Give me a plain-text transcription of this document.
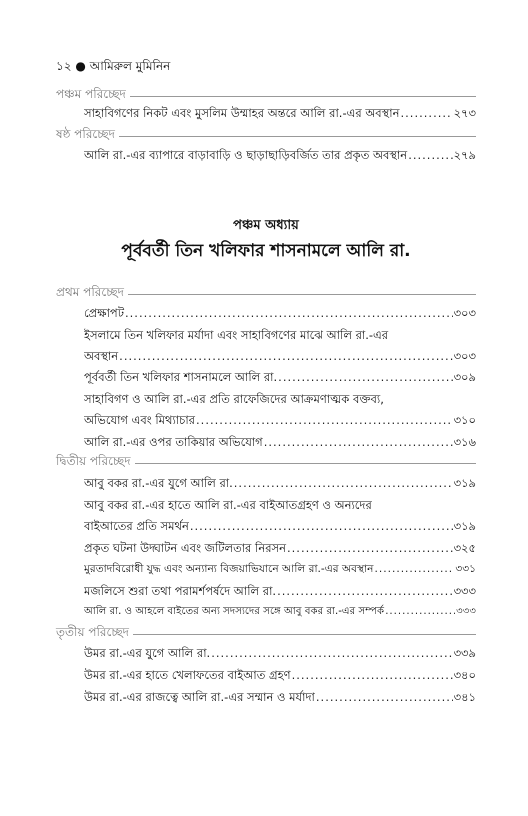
১২ ● আমিরুল মুমিনিন
পঞ্চম পরিচ্ছেদ
সাহাবিগণের নিকট এবং মুসলিম উম্মাহর অন্তরে আলি রা.-এর অবস্থান .....	২৭৩
ষষ্ঠ পরিচ্ছেদ
আলি রা.-এর ব্যাপারে বাড়াবাড়ি ও ছাড়াছাড়িবর্জিত তার প্রকৃত অবস্থান .....	২৭৯
পঞ্চম অধ্যায়
পূর্ববর্তী তিন খলিফার শাসনামলে আলি রা.
প্রথম পরিচ্ছেদ
প্রেক্ষাপট .....	৩০৩
ইসলামে তিন খলিফার মর্যাদা এবং সাহাবিগণের মাঝে আলি রা.-এর
অবস্থান .....	৩০৩
পূর্ববর্তী তিন খলিফার শাসনামলে আলি রা. .....	৩০৯
সাহাবিগণ ও আলি রা.-এর প্রতি রাফেজিদের আক্রমণাত্মক বক্তব্য,
অভিযোগ এবং মিথ্যাচার .....	৩১০
আলি রা.-এর ওপর তাকিয়ার অভিযোগ .....	৩১৬
দ্বিতীয় পরিচ্ছেদ
আবু বকর রা.-এর যুগে আলি রা. .....	৩১৯
আবু বকর রা.-এর হাতে আলি রা.-এর বাইআতগ্রহণ ও অন্যদের
বাইআতের প্রতি সমর্থন .....	৩১৯
প্রকৃত ঘটনা উদ্ঘাটন এবং জটিলতার নিরসন .....	৩২৫
মুরতাদবিরোধী যুদ্ধ এবং অন্যান্য বিজয়াভিযানে আলি রা.-এর অবস্থান .....	৩৩১
মজলিসে শুরা তথা পরামর্শপর্ষদে আলি রা. .....	৩৩৩
আলি রা. ও আহলে বাইতের অন্য সদস্যদের সঙ্গে আবু বকর রা.-এর সম্পর্ক .....	৩৩৩
তৃতীয় পরিচ্ছেদ
উমর রা.-এর যুগে আলি রা. .....	৩৩৯
উমর রা.-এর হাতে খেলাফতের বাইআত গ্রহণ .....	৩৪০
উমর রা.-এর রাজত্বে আলি রা.-এর সম্মান ও মর্যাদা .....	৩৪১
